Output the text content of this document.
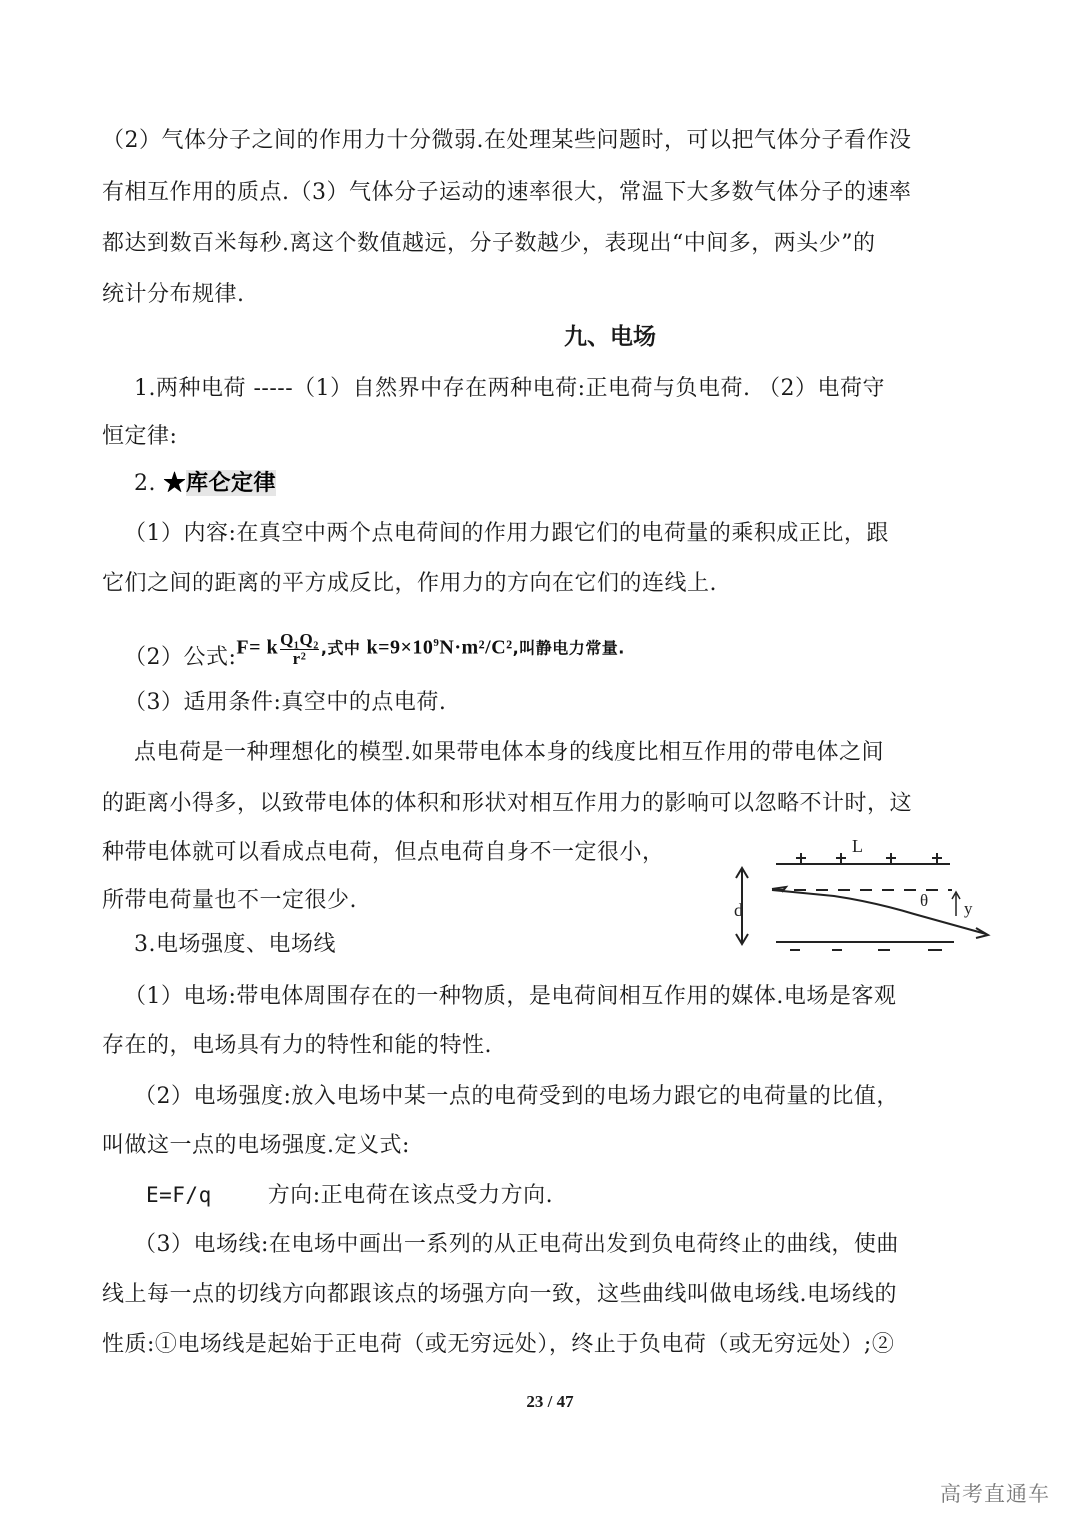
（2）气体分子之间的作用力十分微弱.在处理某些问题时，可以把气体分子看作没
有相互作用的质点.（3）气体分子运动的速率很大，常温下大多数气体分子的速率
都达到数百米每秒.离这个数值越远，分子数越少，表现出“中间多，两头少”的
统计分布规律.
九、电场
1.两种电荷 -----（1）自然界中存在两种电荷:正电荷与负电荷. （2）电荷守
恒定律:
2. ★库仑定律
（1）内容:在真空中两个点电荷间的作用力跟它们的电荷量的乘积成正比，跟
它们之间的距离的平方成反比，作用力的方向在它们的连线上.
（2）公式:F= k $\frac{\text{Q₁Q₂}}{\text{r²}}$ ,式中 $k=9\times 10^9N\cdot m^2/C^2$,叫静电力常量.
（3）适用条件:真空中的点电荷.
点电荷是一种理想化的模型.如果带电体本身的线度比相互作用的带电体之间
的距离小得多，以致带电体的体积和形状对相互作用力的影响可以忽略不计时，这
种带电体就可以看成点电荷，但点电荷自身不一定很小，
所带电荷量也不一定很少.
L
d	θ y
3.电场强度、电场线
（1）电场:带电体周围存在的一种物质，是电荷间相互作用的媒体.电场是客观
存在的，电场具有力的特性和能的特性.
（2）电场强度:放入电场中某一点的电荷受到的电场力跟它的电荷量的比值，
叫做这一点的电场强度.定义式:
E=F/q	方向:正电荷在该点受力方向.
（3）电场线:在电场中画出一系列的从正电荷出发到负电荷终止的曲线，使曲
线上每一点的切线方向都跟该点的场强方向一致，这些曲线叫做电场线.电场线的
性质:①电场线是起始于正电荷（或无穷远处），终止于负电荷（或无穷远处）;②
23 / 47
高考直通车
